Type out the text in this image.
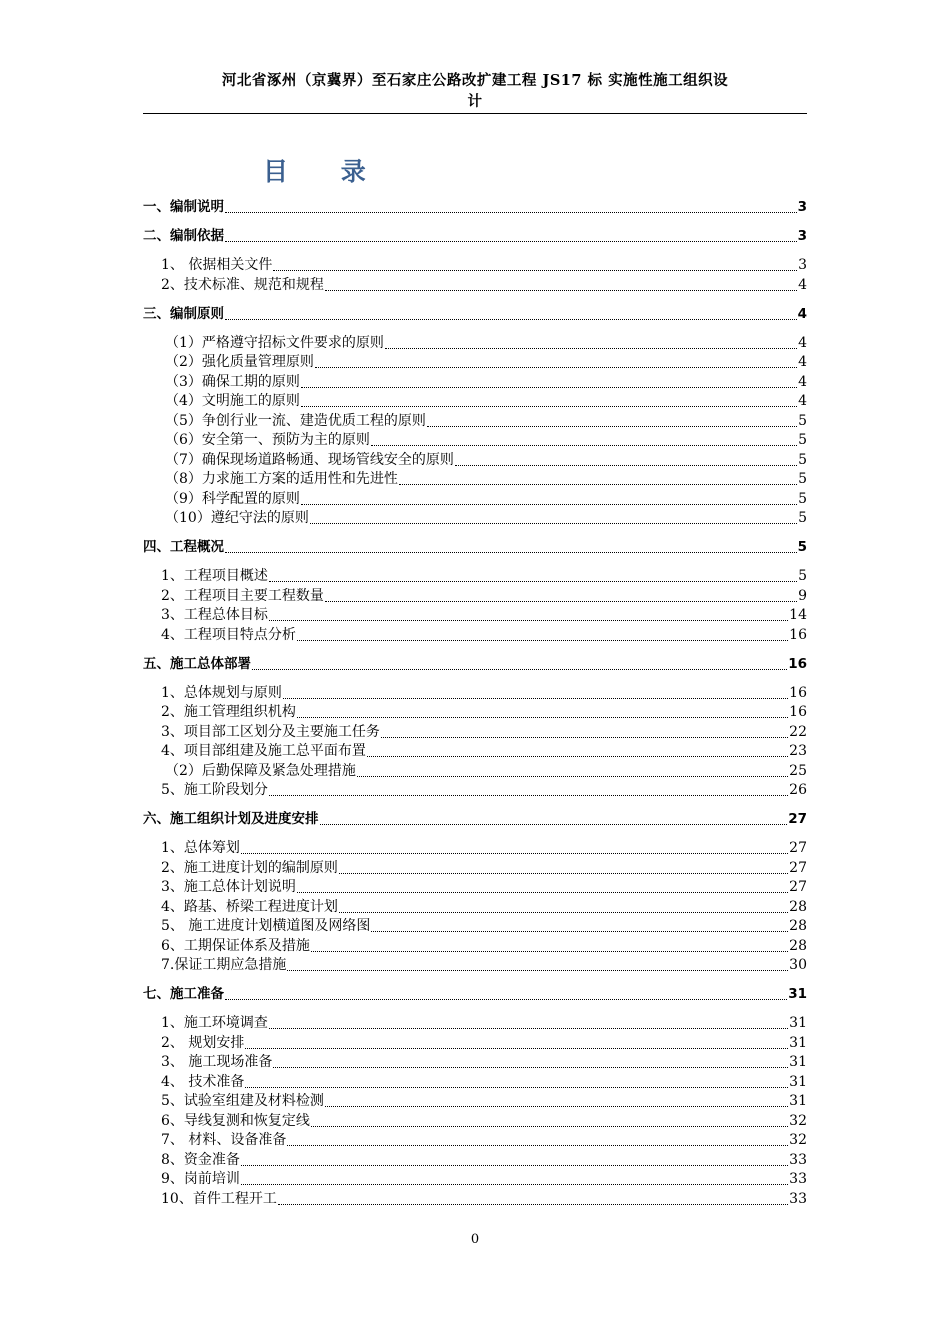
河北省涿州（京冀界）至石家庄公路改扩建工程 JS17 标 实施性施工组织设
计
目 录
一、编制说明	3
二、编制依据	3
1、 依据相关文件	3
2、技术标准、规范和规程	4
三、编制原则	4
（1）严格遵守招标文件要求的原则	4
（2）强化质量管理原则	4
（3）确保工期的原则	4
（4）文明施工的原则	4
（5）争创行业一流、建造优质工程的原则	5
（6）安全第一、预防为主的原则	5
（7）确保现场道路畅通、现场管线安全的原则	5
（8）力求施工方案的适用性和先进性	5
（9）科学配置的原则	5
（10）遵纪守法的原则	5
四、工程概况	5
1、工程项目概述	5
2、工程项目主要工程数量	9
3、工程总体目标	14
4、工程项目特点分析	16
五、施工总体部署	16
1、总体规划与原则	16
2、施工管理组织机构	16
3、项目部工区划分及主要施工任务	22
4、项目部组建及施工总平面布置	23
（2）后勤保障及紧急处理措施	25
5、施工阶段划分	26
六、施工组织计划及进度安排	27
1、总体筹划	27
2、施工进度计划的编制原则	27
3、施工总体计划说明	27
4、路基、桥梁工程进度计划	28
5、 施工进度计划横道图及网络图	28
6、工期保证体系及措施	28
7.保证工期应急措施	30
七、施工准备	31
1、施工环境调查	31
2、 规划安排	31
3、 施工现场准备	31
4、 技术准备	31
5、试验室组建及材料检测	31
6、导线复测和恢复定线	32
7、 材料、设备准备	32
8、资金准备	33
9、岗前培训	33
10、首件工程开工	33
0
